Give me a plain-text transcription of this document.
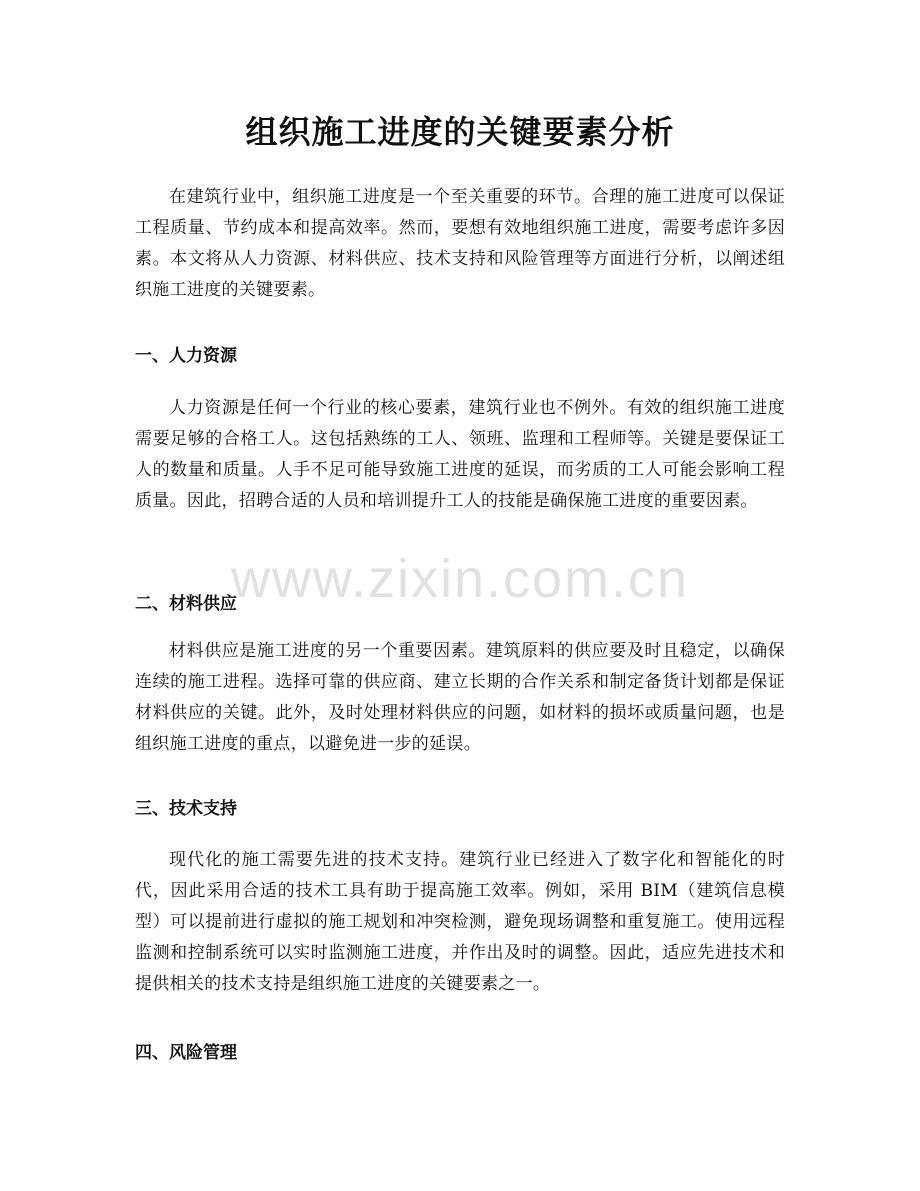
组织施工进度的关键要素分析

在建筑行业中，组织施工进度是一个至关重要的环节。合理的施工进度可以保证工程质量、节约成本和提高效率。然而，要想有效地组织施工进度，需要考虑许多因素。本文将从人力资源、材料供应、技术支持和风险管理等方面进行分析，以阐述组织施工进度的关键要素。

一、人力资源

人力资源是任何一个行业的核心要素，建筑行业也不例外。有效的组织施工进度需要足够的合格工人。这包括熟练的工人、领班、监理和工程师等。关键是要保证工人的数量和质量。人手不足可能导致施工进度的延误，而劣质的工人可能会影响工程质量。因此，招聘合适的人员和培训提升工人的技能是确保施工进度的重要因素。

二、材料供应

材料供应是施工进度的另一个重要因素。建筑原料的供应要及时且稳定，以确保连续的施工进程。选择可靠的供应商、建立长期的合作关系和制定备货计划都是保证材料供应的关键。此外，及时处理材料供应的问题，如材料的损坏或质量问题，也是组织施工进度的重点，以避免进一步的延误。

三、技术支持

现代化的施工需要先进的技术支持。建筑行业已经进入了数字化和智能化的时代，因此采用合适的技术工具有助于提高施工效率。例如，采用 BIM（建筑信息模型）可以提前进行虚拟的施工规划和冲突检测，避免现场调整和重复施工。使用远程监测和控制系统可以实时监测施工进度，并作出及时的调整。因此，适应先进技术和提供相关的技术支持是组织施工进度的关键要素之一。

四、风险管理
www.zixin.com.cn
